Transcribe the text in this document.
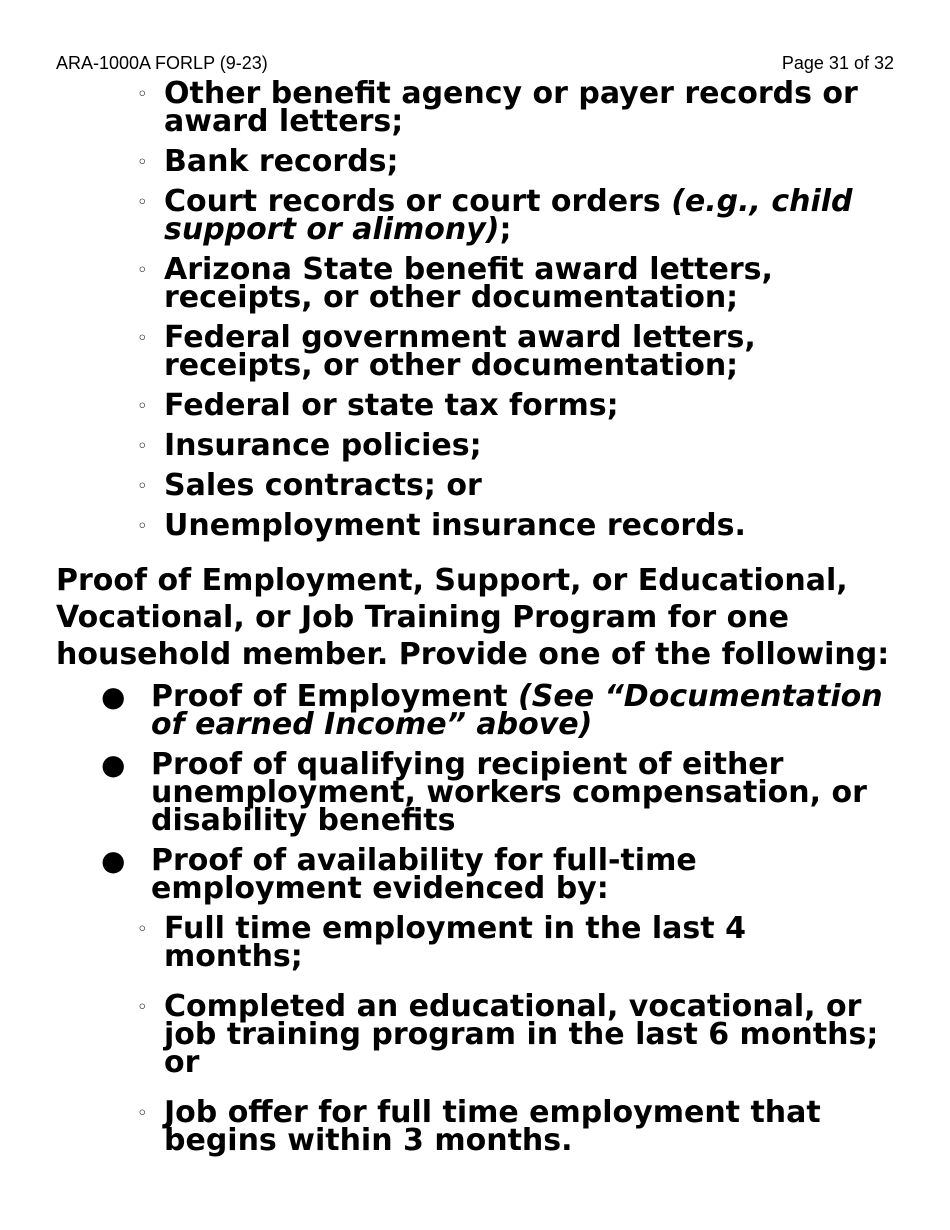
ARA-1000A FORLP (9-23)	Page 31 of 32
◦ Other benefit agency or payer records or award letters;
◦ Bank records;
◦ Court records or court orders (e.g., child support or alimony);
◦ Arizona State benefit award letters, receipts, or other documentation;
◦ Federal government award letters, receipts, or other documentation;
◦ Federal or state tax forms;
◦ Insurance policies;
◦ Sales contracts; or
◦ Unemployment insurance records.
Proof of Employment, Support, or Educational, Vocational, or Job Training Program for one household member. Provide one of the following:
● Proof of Employment (See “Documentation of earned Income” above)
● Proof of qualifying recipient of either unemployment, workers compensation, or disability benefits
● Proof of availability for full-time employment evidenced by:
◦ Full time employment in the last 4 months;
◦ Completed an educational, vocational, or job training program in the last 6 months; or
◦ Job offer for full time employment that begins within 3 months.
